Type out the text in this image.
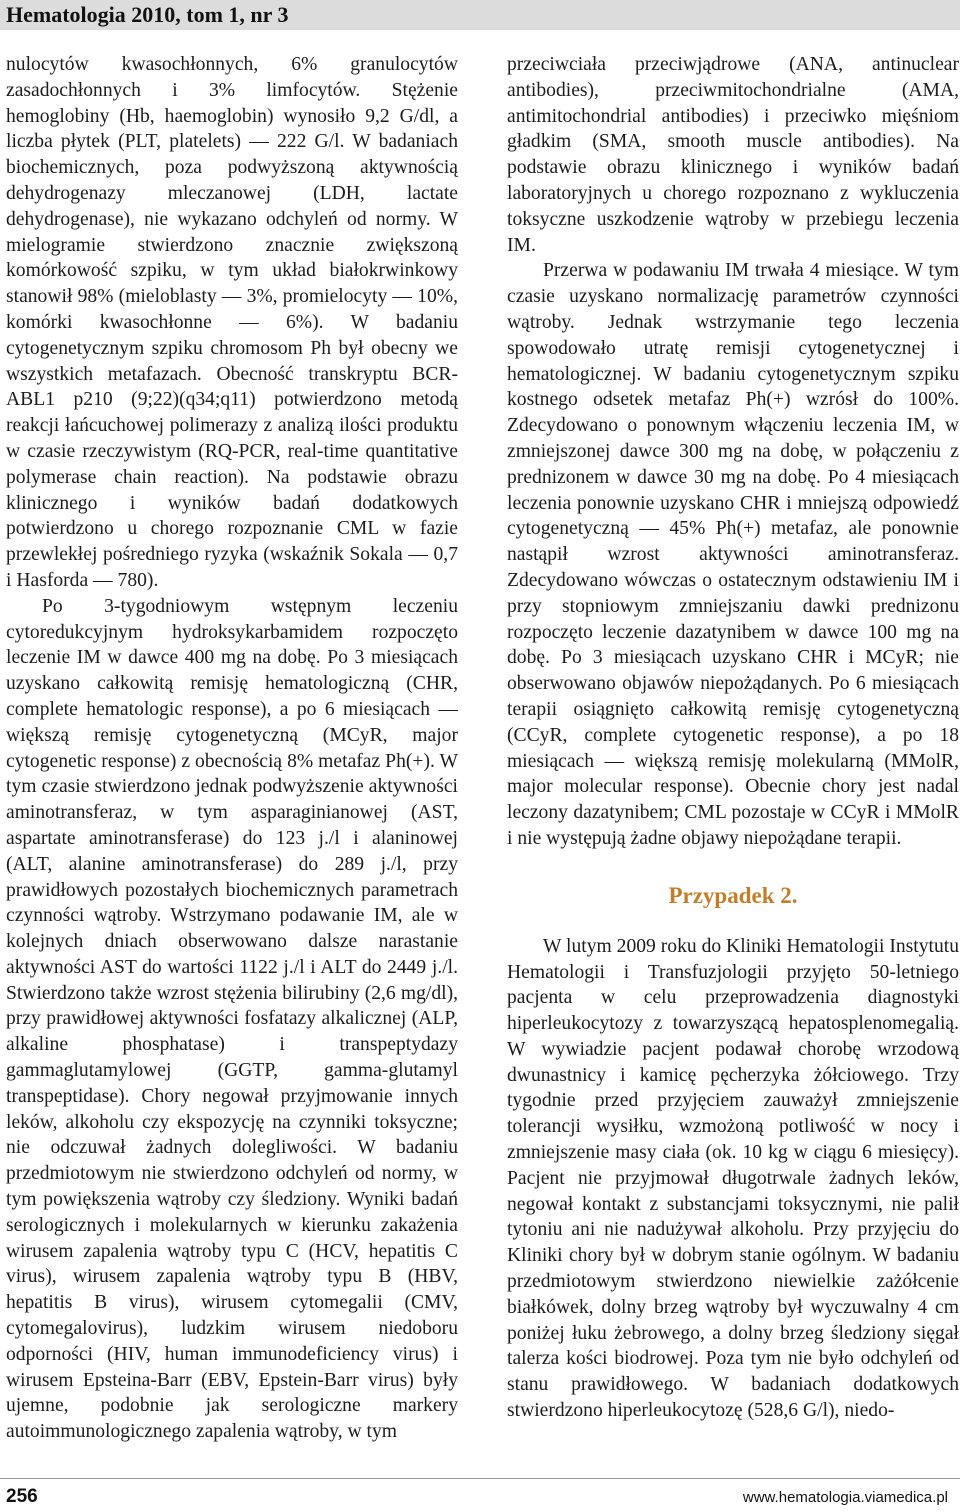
Hematologia 2010, tom 1, nr 3

nulocytów kwasochłonnych, 6% granulocytów zasadochłonnych i 3% limfocytów. Stężenie hemoglobiny (Hb, haemoglobin) wynosiło 9,2 G/dl, a liczba płytek (PLT, platelets) — 222 G/l. W badaniach biochemicznych, poza podwyższoną aktywnością dehydrogenazy mleczanowej (LDH, lactate dehydrogenase), nie wykazano odchyleń od normy. W mielogramie stwierdzono znacznie zwiększoną komórkowość szpiku, w tym układ białokrwinkowy stanowił 98% (mieloblasty — 3%, promielocyty — 10%, komórki kwasochłonne — 6%). W badaniu cytogenetycznym szpiku chromosom Ph był obecny we wszystkich metafazach. Obecność transkryptu BCR-ABL1 p210 (9;22)(q34;q11) potwierdzono metodą reakcji łańcuchowej polimerazy z analizą ilości produktu w czasie rzeczywistym (RQ-PCR, real-time quantitative polymerase chain reaction). Na podstawie obrazu klinicznego i wyników badań dodatkowych potwierdzono u chorego rozpoznanie CML w fazie przewlekłej pośredniego ryzyka (wskaźnik Sokala — 0,7 i Hasforda — 780).

Po 3-tygodniowym wstępnym leczeniu cytoredukcyjnym hydroksykarbamidem rozpoczęto leczenie IM w dawce 400 mg na dobę. Po 3 miesiącach uzyskano całkowitą remisję hematologiczną (CHR, complete hematologic response), a po 6 miesiącach — większą remisję cytogenetyczną (MCyR, major cytogenetic response) z obecnością 8% metafaz Ph(+). W tym czasie stwierdzono jednak podwyższenie aktywności aminotransferaz, w tym asparaginianowej (AST, aspartate aminotransferase) do 123 j./l i alaninowej (ALT, alanine aminotransferase) do 289 j./l, przy prawidłowych pozostałych biochemicznych parametrach czynności wątroby. Wstrzymano podawanie IM, ale w kolejnych dniach obserwowano dalsze narastanie aktywności AST do wartości 1122 j./l i ALT do 2449 j./l. Stwierdzono także wzrost stężenia bilirubiny (2,6 mg/dl), przy prawidłowej aktywności fosfatazy alkalicznej (ALP, alkaline phosphatase) i transpeptydazy gammaglutamylowej (GGTP, gamma-glutamyl transpeptidase). Chory negował przyjmowanie innych leków, alkoholu czy ekspozycję na czynniki toksyczne; nie odczuwał żadnych dolegliwości. W badaniu przedmiotowym nie stwierdzono odchyleń od normy, w tym powiększenia wątroby czy śledziony. Wyniki badań serologicznych i molekularnych w kierunku zakażenia wirusem zapalenia wątroby typu C (HCV, hepatitis C virus), wirusem zapalenia wątroby typu B (HBV, hepatitis B virus), wirusem cytomegalii (CMV, cytomegalovirus), ludzkim wirusem niedoboru odporności (HIV, human immunodeficiency virus) i wirusem Epsteina-Barr (EBV, Epstein-Barr virus) były ujemne, podobnie jak serologiczne markery autoimmunologicznego zapalenia wątroby, w tym

przeciwciała przeciwjądrowe (ANA, antinuclear antibodies), przeciwmitochondrialne (AMA, antimitochondrial antibodies) i przeciwko mięśniom gładkim (SMA, smooth muscle antibodies). Na podstawie obrazu klinicznego i wyników badań laboratoryjnych u chorego rozpoznano z wykluczenia toksyczne uszkodzenie wątroby w przebiegu leczenia IM.

Przerwa w podawaniu IM trwała 4 miesiące. W tym czasie uzyskano normalizację parametrów czynności wątroby. Jednak wstrzymanie tego leczenia spowodowało utratę remisji cytogenetycznej i hematologicznej. W badaniu cytogenetycznym szpiku kostnego odsetek metafaz Ph(+) wzrósł do 100%. Zdecydowano o ponownym włączeniu leczenia IM, w zmniejszonej dawce 300 mg na dobę, w połączeniu z prednizonem w dawce 30 mg na dobę. Po 4 miesiącach leczenia ponownie uzyskano CHR i mniejszą odpowiedź cytogenetyczną — 45% Ph(+) metafaz, ale ponownie nastąpił wzrost aktywności aminotransferaz. Zdecydowano wówczas o ostatecznym odstawieniu IM i przy stopniowym zmniejszaniu dawki prednizonu rozpoczęto leczenie dazatynibem w dawce 100 mg na dobę. Po 3 miesiącach uzyskano CHR i MCyR; nie obserwowano objawów niepożądanych. Po 6 miesiącach terapii osiągnięto całkowitą remisję cytogenetyczną (CCyR, complete cytogenetic response), a po 18 miesiącach — większą remisję molekularną (MMolR, major molecular response). Obecnie chory jest nadal leczony dazatynibem; CML pozostaje w CCyR i MMolR i nie występują żadne objawy niepożądane terapii.

Przypadek 2.

W lutym 2009 roku do Kliniki Hematologii Instytutu Hematologii i Transfuzjologii przyjęto 50-letniego pacjenta w celu przeprowadzenia diagnostyki hiperleukocytozy z towarzyszącą hepatosplenomegalią. W wywiadzie pacjent podawał chorobę wrzodową dwunastnicy i kamicę pęcherzyka żółciowego. Trzy tygodnie przed przyjęciem zauważył zmniejszenie tolerancji wysiłku, wzmożoną potliwość w nocy i zmniejszenie masy ciała (ok. 10 kg w ciągu 6 miesięcy). Pacjent nie przyjmował długotrwale żadnych leków, negował kontakt z substancjami toksycznymi, nie palił tytoniu ani nie nadużywał alkoholu. Przy przyjęciu do Kliniki chory był w dobrym stanie ogólnym. W badaniu przedmiotowym stwierdzono niewielkie zażółcenie białkówek, dolny brzeg wątroby był wyczuwalny 4 cm poniżej łuku żebrowego, a dolny brzeg śledziony sięgał talerza kości biodrowej. Poza tym nie było odchyleń od stanu prawidłowego. W badaniach dodatkowych stwierdzono hiperleukocytozę (528,6 G/l), niedo-

256	www.hematologia.viamedica.pl
